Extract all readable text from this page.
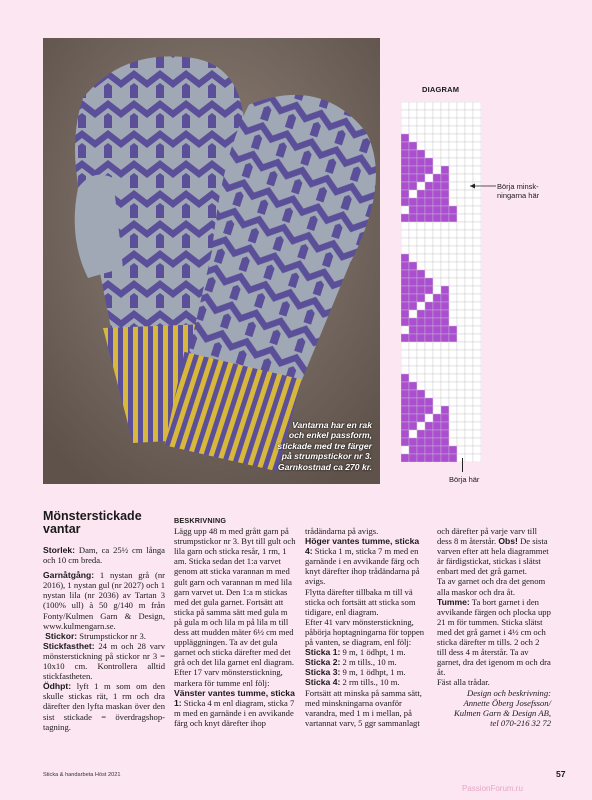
Vantarna har en rak
och enkel passform,
stickade med tre färger
på strumpstickor nr 3.
Garnkostnad ca 270 kr.
DIAGRAM
Börja minsk-
ningarna här
Börja här
Mönsterstickade
vantar

Storlek: Dam, ca 25½ cm långa och 10 cm breda.

Garnåtgång: 1 nystan grå (nr 2016), 1 nystan gul (nr 2027) och 1 nystan lila (nr 2036) av Tartan 3 (100% ull) à 50 g/140 m från Fonty/Kulmen Garn & Design, www.kulmengarn.se.

Stickor: Strumpstickor nr 3.

Stickfasthet: 24 m och 28 varv mönsterstickning på stickor nr 3 = 10x10 cm. Kontrollera alltid stickfastheten.

Ödhpt: lyft 1 m som om den skulle stickas rät, 1 rm och dra därefter den lyfta maskan över den sist stickade = överdragshop-tagning.

BESKRIVNING

Lägg upp 48 m med grått garn på strumpstickor nr 3. Byt till gult och lila garn och sticka resår, 1 rm, 1 am. Sticka sedan det 1:a varvet genom att sticka varannan m med gult garn och varannan m med lila garn varvet ut. Den 1:a m stickas med det gula garnet. Fortsätt att sticka på samma sätt med gula m på gula m och lila m på lila m till dess att mudden mäter 6½ cm med uppläggningen. Ta av det gula garnet och sticka därefter med det grå och det lila garnet enl diagram. Efter 17 varv mönsterstickning, markera för tumme enl följ:

Vänster vantes tumme, sticka 1: Sticka 4 m enl diagram, sticka 7 m med en garnände i en avvikande färg och knyt därefter ihop

trådändarna på avigs.

Höger vantes tumme, sticka 4: Sticka 1 m, sticka 7 m med en garnände i en avvikande färg och knyt därefter ihop trådändarna på avigs.

Flytta därefter tillbaka m till vä sticka och fortsätt att sticka som tidigare, enl diagram.

Efter 41 varv mönsterstickning, påbörja hoptagningarna för toppen på vanten, se diagram, enl följ:

Sticka 1: 9 m, 1 ödhpt, 1 m.

Sticka 2: 2 m tills., 10 m.

Sticka 3: 9 m, 1 ödhpt, 1 m.

Sticka 4: 2 rm tills., 10 m.

Fortsätt att minska på samma sätt, med minskningarna ovanför varandra, med 1 m i mellan, på vartannat varv, 5 ggr sammanlagt

och därefter på varje varv till dess 8 m återstår. Obs! De sista varven efter att hela diagrammet är färdigstickat, stickas i slätst enbart med det grå garnet.

Ta av garnet och dra det genom alla maskor och dra åt.

Tumme: Ta bort garnet i den avvikande färgen och plocka upp 21 m för tummen. Sticka slätst med det grå garnet i 4½ cm och sticka därefter m tills. 2 och 2 till dess 4 m återstår. Ta av garnet, dra det igenom m och dra åt.

Fäst alla trådar.

Design och beskrivning:

Annette Öberg Josefsson/

Kulmen Garn & Design AB,

tel 070-216 32 72

Sticka & handarbeta Höst 2021	57
PassionForum.ru
